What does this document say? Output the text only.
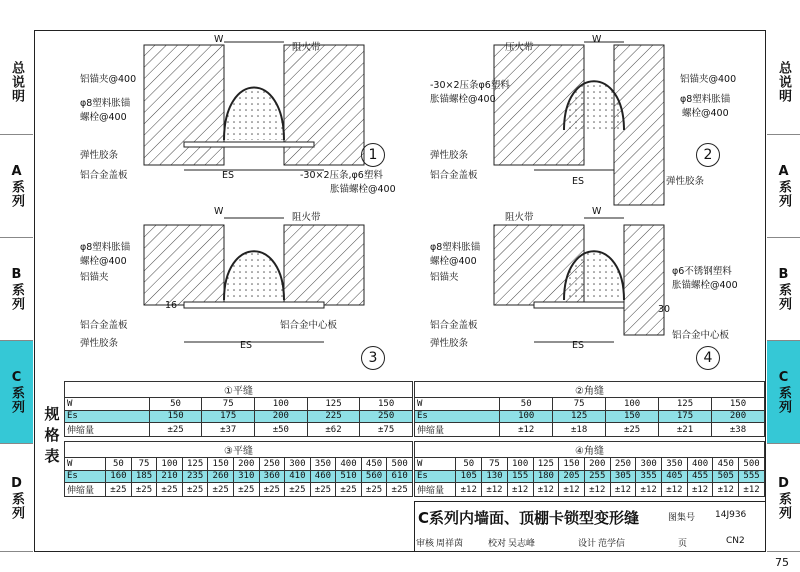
总说明
A系列
B系列
C系列
D系列
总说明
A系列
B系列
C系列
D系列
W
ES
阻火带
铝锚夹@400
φ8塑料胀锚
螺栓@400
弹性胶条
铝合金盖板	-30×2压条,φ6塑料
胀锚螺栓@400
1
W
ES
压火带
-30×2压条φ6塑料
胀锚螺栓@400
铝锚夹@400
φ8塑料胀锚
螺栓@400
弹性胶条
铝合金盖板
弹性胶条
2
W
ES
16
阻火带
φ8塑料胀锚
螺栓@400
铝锚夹
铝合金盖板
弹性胶条
铝合金中心板
3
W
ES
30
阻火带
φ8塑料胀锚
螺栓@400
铝锚夹
φ6不锈钢塑料
胀锚螺栓@400
铝合金盖板
弹性胶条
铝合金中心板
4
规格表
①平缝					
W	50	75	100	125	150
Es	150	175	200	225	250
伸缩量	±25	±37	±50	±62	±75
②角缝					
W	50	75	100	125	150
Es	100	125	150	175	200
伸缩量	±12	±18	±25	±21	±38
③平缝												
W	50	75	100	125	150	200	250	300	350	400	450	500
Es	160	185	210	235	260	310	360	410	460	510	560	610
伸缩量	±25	±25	±25	±25	±25	±25	±25	±25	±25	±25	±25	±25
④角缝												
W	50	75	100	125	150	200	250	300	350	400	450	500
Es	105	130	155	180	205	255	305	355	405	455	505	555
伸缩量	±12	±12	±12	±12	±12	±12	±12	±12	±12	±12	±12	±12
C系列内墙面、顶棚卡锁型变形缝	图集号 14J936
审核 周祥茵	校对 吴志峰	设计 范学信	页	CN2
75
